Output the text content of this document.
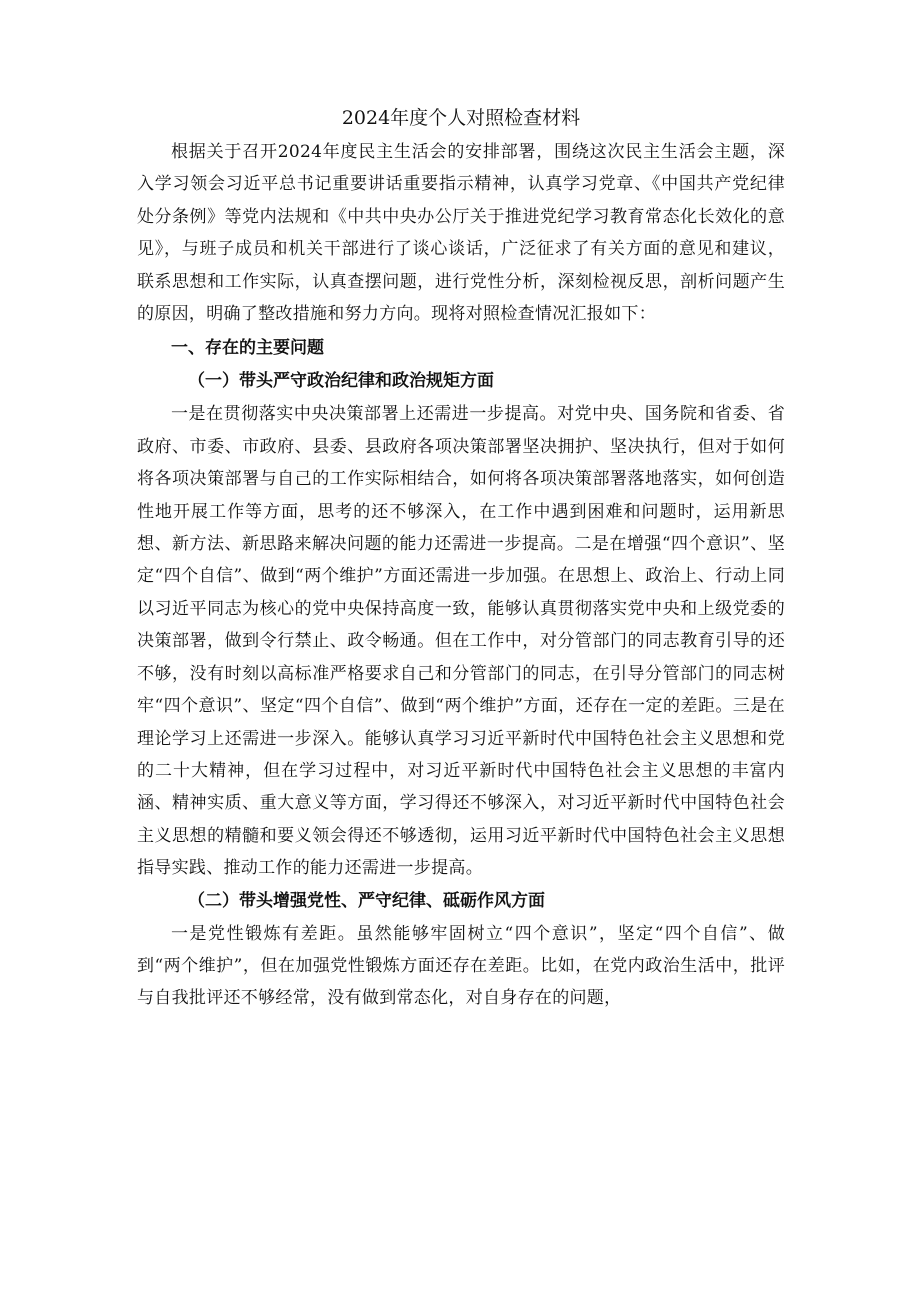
2024年度个人对照检查材料

根据关于召开2024年度民主生活会的安排部署，围绕这次民主生活会主题，深入学习领会习近平总书记重要讲话重要指示精神，认真学习党章、《中国共产党纪律处分条例》等党内法规和《中共中央办公厅关于推进党纪学习教育常态化长效化的意见》，与班子成员和机关干部进行了谈心谈话，广泛征求了有关方面的意见和建议，联系思想和工作实际，认真查摆问题，进行党性分析，深刻检视反思，剖析问题产生的原因，明确了整改措施和努力方向。现将对照检查情况汇报如下：

一、存在的主要问题

（一）带头严守政治纪律和政治规矩方面

一是在贯彻落实中央决策部署上还需进一步提高。对党中央、国务院和省委、省政府、市委、市政府、县委、县政府各项决策部署坚决拥护、坚决执行，但对于如何将各项决策部署与自己的工作实际相结合，如何将各项决策部署落地落实，如何创造性地开展工作等方面，思考的还不够深入，在工作中遇到困难和问题时，运用新思想、新方法、新思路来解决问题的能力还需进一步提高。二是在增强“四个意识”、坚定“四个自信”、做到“两个维护”方面还需进一步加强。在思想上、政治上、行动上同以习近平同志为核心的党中央保持高度一致，能够认真贯彻落实党中央和上级党委的决策部署，做到令行禁止、政令畅通。但在工作中，对分管部门的同志教育引导的还不够，没有时刻以高标准严格要求自己和分管部门的同志，在引导分管部门的同志树牢“四个意识”、坚定“四个自信”、做到“两个维护”方面，还存在一定的差距。三是在理论学习上还需进一步深入。能够认真学习习近平新时代中国特色社会主义思想和党的二十大精神，但在学习过程中，对习近平新时代中国特色社会主义思想的丰富内涵、精神实质、重大意义等方面，学习得还不够深入，对习近平新时代中国特色社会主义思想的精髓和要义领会得还不够透彻，运用习近平新时代中国特色社会主义思想指导实践、推动工作的能力还需进一步提高。

（二）带头增强党性、严守纪律、砥砺作风方面

一是党性锻炼有差距。虽然能够牢固树立“四个意识”，坚定“四个自信”、做到“两个维护”，但在加强党性锻炼方面还存在差距。比如，在党内政治生活中，批评与自我批评还不够经常，没有做到常态化，对自身存在的问题，
